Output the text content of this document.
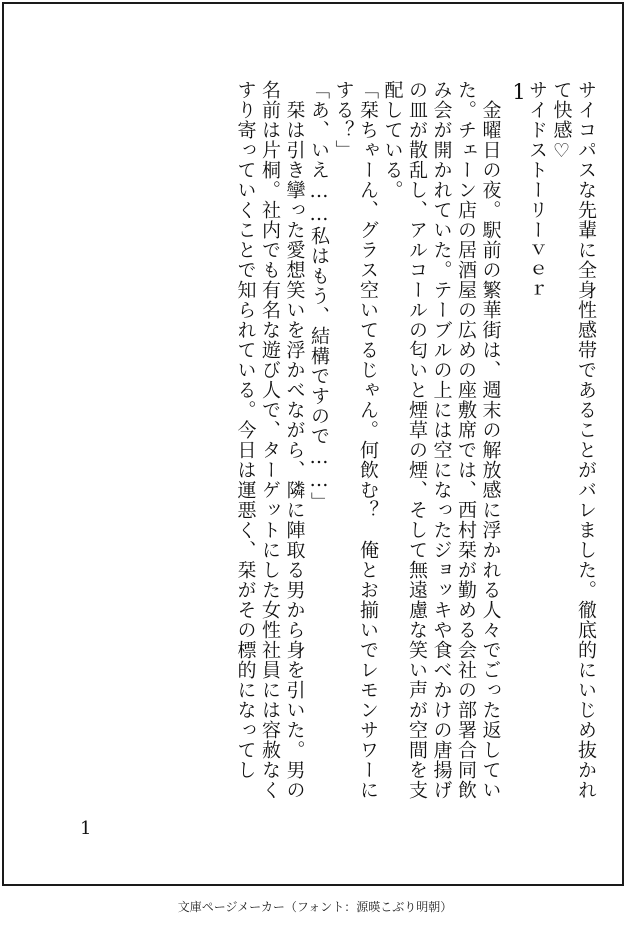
サイコパスな先輩に全身性感帯であることがバレました。徹底的にいじめ抜かれ
て快感♡
サイドストーリーｖｅｒ
1
　金曜日の夜。駅前の繁華街は、週末の解放感に浮かれる人々でごった返してい
た。チェーン店の居酒屋の広めの座敷席では、西村栞が勤める会社の部署合同飲
み会が開かれていた。テーブルの上には空になったジョッキや食べかけの唐揚げ
の皿が散乱し、アルコールの匂いと煙草の煙、そして無遠慮な笑い声が空間を支
配している。
「栞ちゃーん、グラス空いてるじゃん。何飲む？　俺とお揃いでレモンサワーに
する？」
「あ、いえ……私はもう、結構ですので……」
　栞は引き攣った愛想笑いを浮かべながら、隣に陣取る男から身を引いた。男の
名前は片桐。社内でも有名な遊び人で、ターゲットにした女性社員には容赦なく
すり寄っていくことで知られている。今日は運悪く、栞がその標的になってし
1
文庫ページメーカー（フォント：源暎こぶり明朝）
